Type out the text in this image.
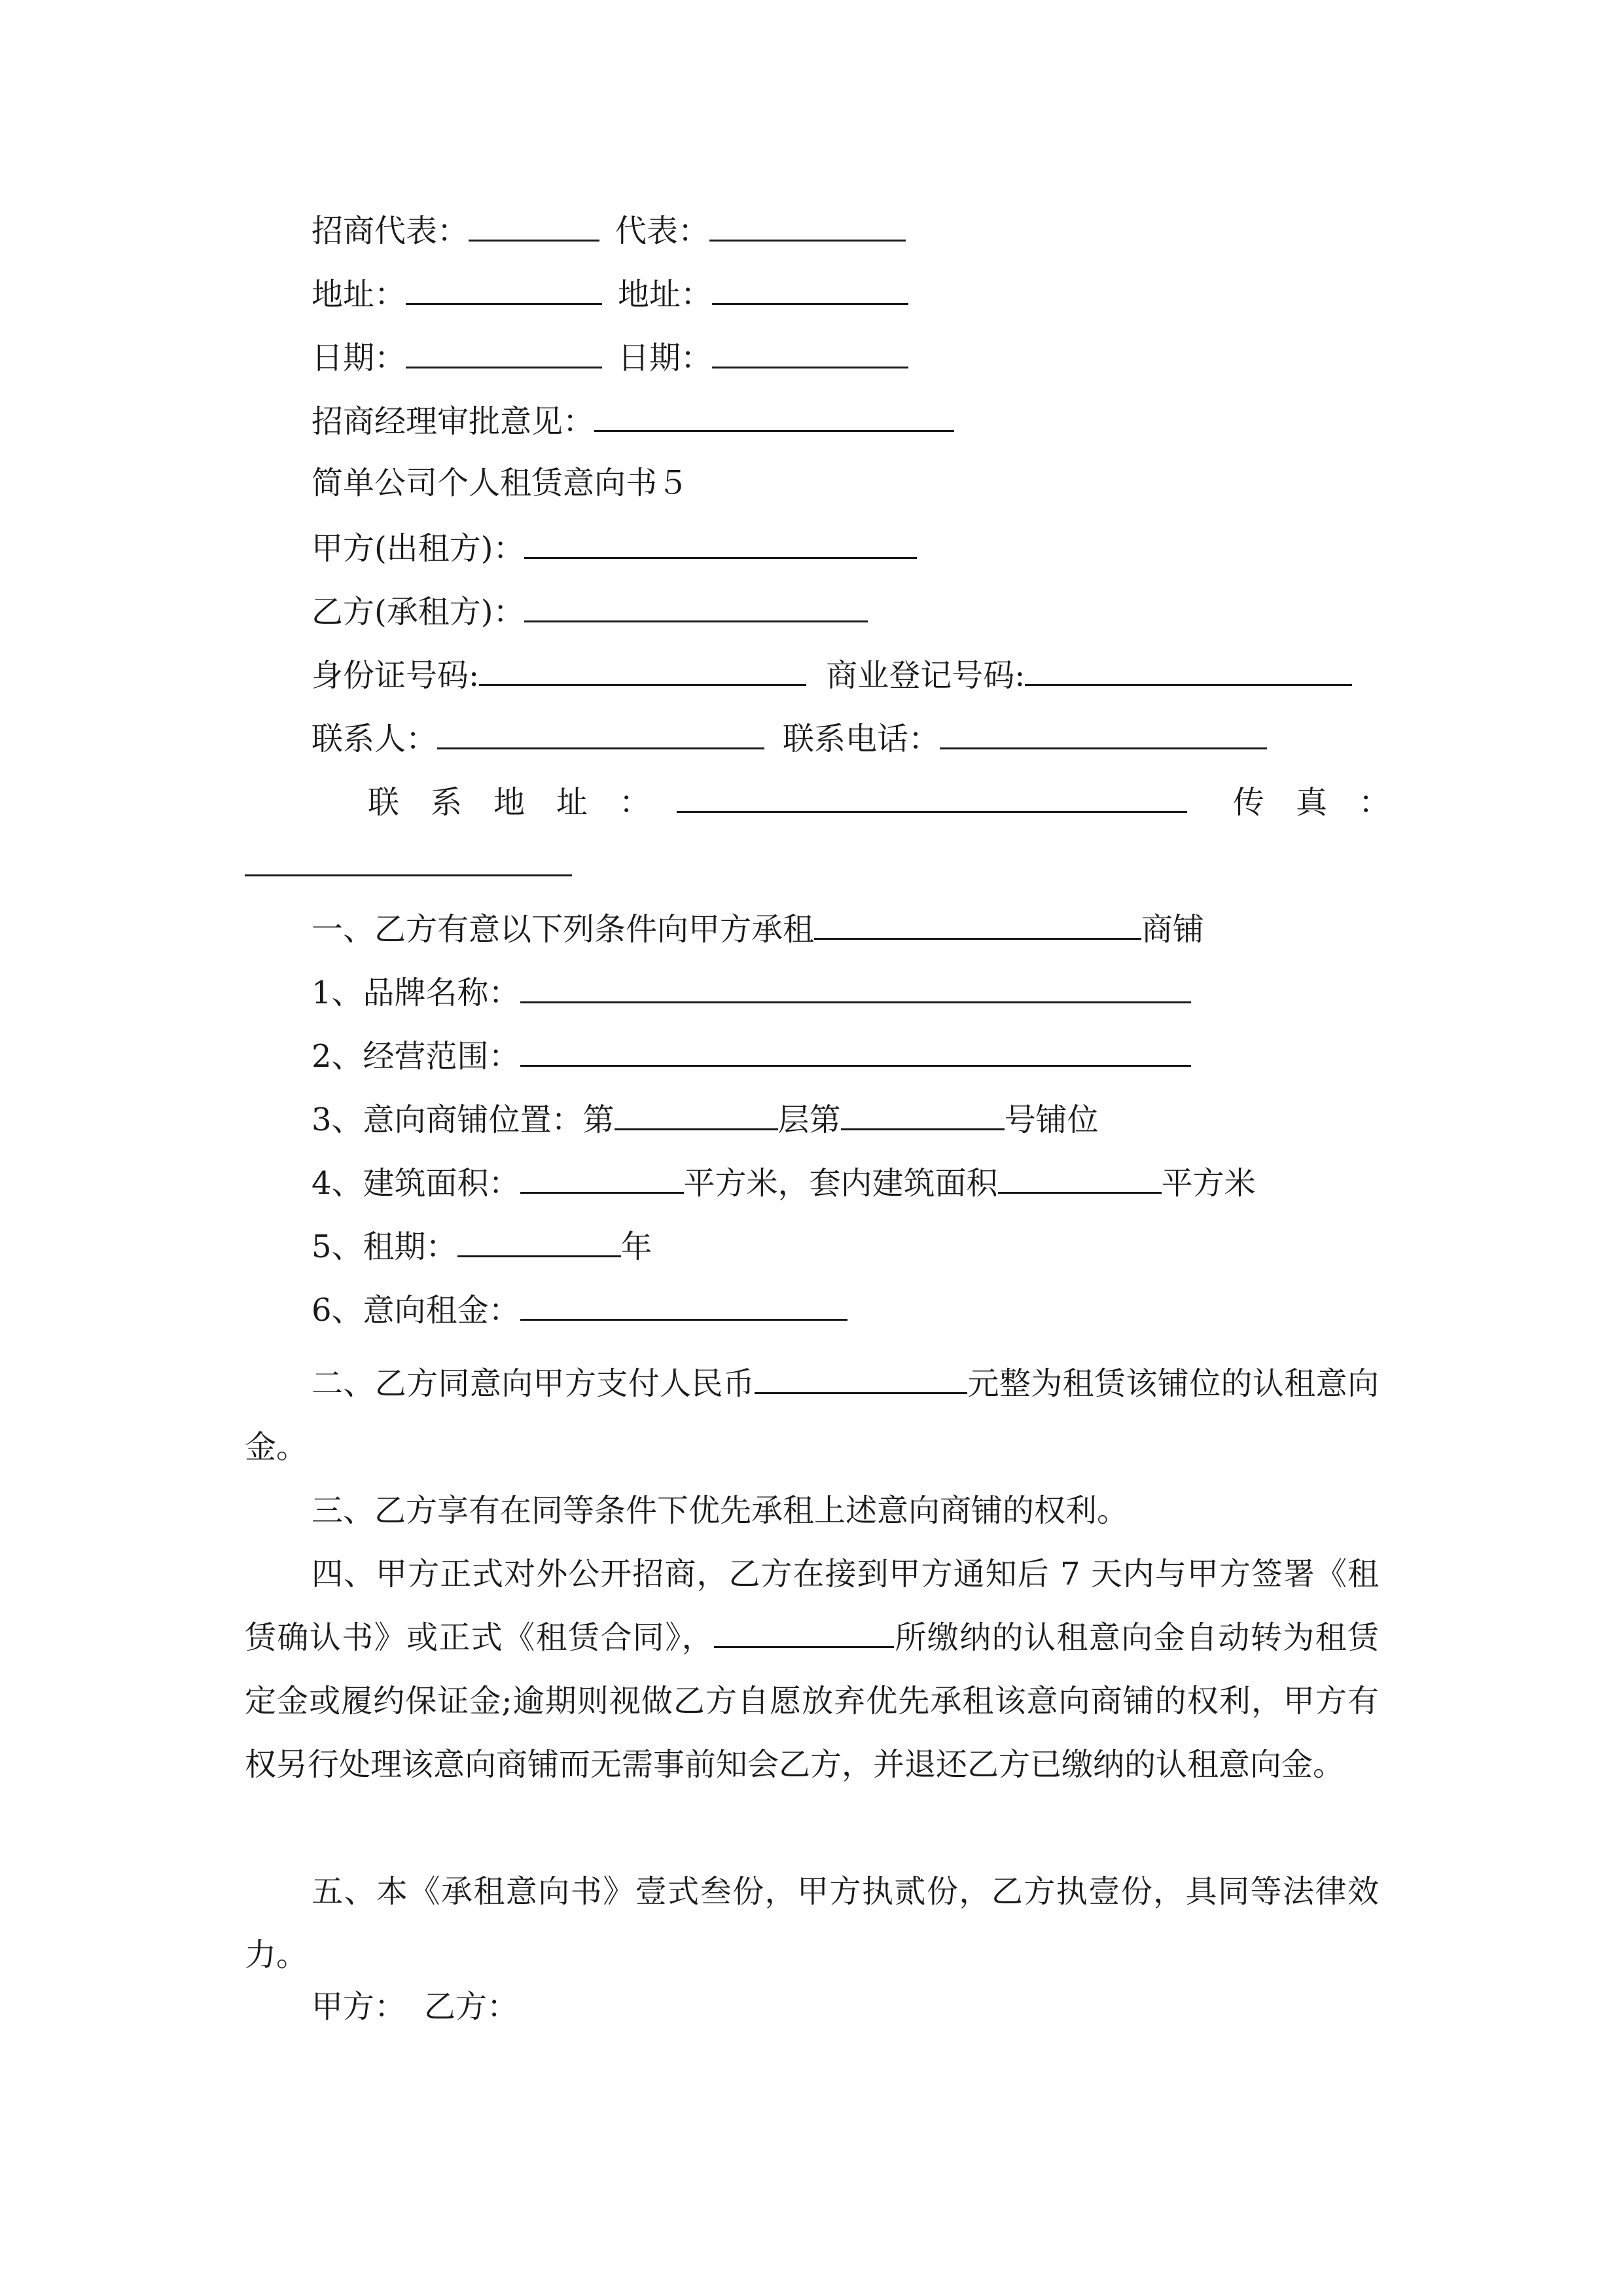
招商代表：	代表：
地址：	地址：
日期：	日期：
招商经理审批意见：
简单公司个人租赁意向书５
甲方(出租方)：
乙方(承租方)：
身份证号码:	商业登记号码:
联系人：	联系电话：
联　系　地　址　：	传　真　：
一、乙方有意以下列条件向甲方承租	商铺
1、品牌名称：
2、经营范围：
3、意向商铺位置：第	层第	号铺位
4、建筑面积：	平方米，套内建筑面积	平方米
5、租期：	年
6、意向租金：

二、乙方同意向甲方支付人民币	元整为租赁该铺位的认租意向金。

三、乙方享有在同等条件下优先承租上述意向商铺的权利。

四、甲方正式对外公开招商，乙方在接到甲方通知后 7 天内与甲方签署《租赁确认书》或正式《租赁合同》，	所缴纳的认租意向金自动转为租赁定金或履约保证金;逾期则视做乙方自愿放弃优先承租该意向商铺的权利，甲方有权另行处理该意向商铺而无需事前知会乙方，并退还乙方已缴纳的认租意向金。

五、本《承租意向书》壹式叁份，甲方执贰份，乙方执壹份，具同等法律效力。

甲方： 乙方：
